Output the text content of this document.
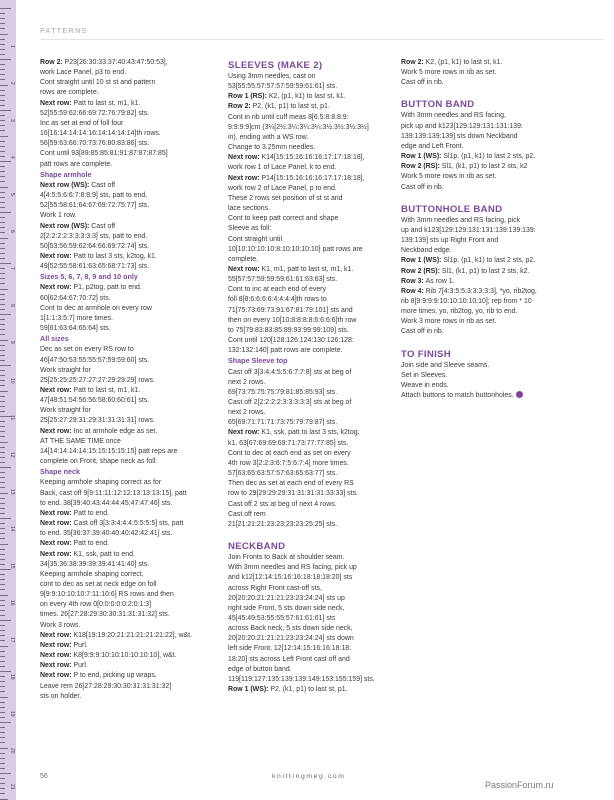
1
2
3
4
5
6
7
8
9
10
11
12
13
14
15
16
17
18
19
20
21
PATTERNS
Row 2: P23[26:30:33:37:40:43:47:50:53],
work Lace Panel, p3 to end.
Cont straight until 10 st st and pattern
rows are complete.
Next row: Patt to last st, m1, k1.
52[55:59:62:66:69:72:76:79:82] sts.
Inc as set at end of foll four
16[16:14:14:14:16:14:14:14:14]th rows.
56[59:63:66:70:73:76:80:83:86] sts.
Cont until 93[89:85:85:81:91:87:87:87:85]
patt rows are complete.
Shape armhole
Next row (WS): Cast off
4[4:5:5:6:6:7:8:8:9] sts, patt to end.
52[55:58:61:64:67:69:72:75:77] sts.
Work 1 row.
Next row (WS): Cast off
2[2:2:2:2:3:3:3:3:3] sts, patt to end.
50[53:56:59:62:64:66:69:72:74] sts.
Next row: Patt to last 3 sts, k2tog, k1.
49[52:55:58:61:63:65:68:71:73] sts.
Sizes 5, 6, 7, 8, 9 and 10 only
Next row: P1, p2tog, patt to end.
60[62:64:67:70:72] sts.
Cont to dec at armhole on every row
1[1:1:3:5:7] more times.
59[61:63:64:65:64] sts.
All sizes
Dec as set on every RS row to
46[47:50:53:55:55:57:59:59:60] sts.
Work straight for
25[25:25:25:27:27:27:29:29:29] rows.
Next row: Patt to last st, m1, k1.
47[48:51:54:56:56:58:60:60:61] sts.
Work straight for
25[25:27:29:31:29:31:31:31:31] rows.
Next row: Inc at armhole edge as set.
AT THE SAME TIME once
14[14:14:14:14:15:15:15:15:15] patt reps are
complete on Front, shape neck as foll:
Shape neck
Keeping armhole shaping correct as for
Back, cast off 9[9:11:11:12:12:13:13:13:15], patt
to end. 38[39:40:43:44:44:45:47:47:46] sts.
Next row: Patt to end.
Next row: Cast off 3[3:3:4:4:4:5:5:5:5] sts, patt
to end. 35[36:37:39:40:40:40:42:42:41] sts.
Next row: Patt to end.
Next row: K1, ssk, patt to end.
34[35:36:38:39:39:39:41:41:40] sts.
Keeping armhole shaping correct,
cont to dec as set at neck edge on foll
9[9:9:10:10:10:7:11:10:6] RS rows and then
on every 4th row 0[0:0:0:0:0:2:0:1:3]
times. 26[27:28:29:30:30:31:31:31:32] sts.
Work 3 rows.
Next row: K18[19:19:20:21:21:21:21:21:22], w&t.
Next row: Purl.
Next row: K8[9:9:9:10:10:10:10:10:10], w&t.
Next row: Purl.
Next row: P to end, picking up wraps.
Leave rem 26[27:28:29:30:30:31:31:31:32]
sts on holder.
SLEEVES (MAKE 2)
Using 3mm needles, cast on
53[55:55:57:57:57:59:59:61:61] sts.
Row 1 (RS): K2, (p1, k1) to last st, k1.
Row 2: P2, (k1, p1) to last st, p1.
Cont in rib until cuff meas 8[6.5:8:8:8:9:
9:9:9:9]cm (3¼[2½:3¼:3¼:3¼:3½:3½:3½:3½]
in), ending with a WS row.
Change to 3.25mm needles.
Next row: K14[15:15:16:16:16:17:17:18:18],
work row 1 of Lace Panel, k to end.
Next row: P14[15:15:16:16:16:17:17:18:18],
work row 2 of Lace Panel, p to end.
These 2 rows set position of st st and
lace sections.
Cont to keep patt correct and shape
Sleeve as foll:
Cont straight until
10[10:10:10:10:8:10:10:10:10] patt rows are
complete.
Next row: K1, m1, patt to last st, m1, k1.
55[57:57:59:59:59:61:61:63:63] sts.
Cont to inc at each end of every
foll 8[8:6:6:6:6:4:4:4:4]th rows to
71[75:73:69:73:91:67:81:79:101] sts and
then on every 10[10:8:8:8:8:6:6:6:6]th row
to 75[79:83:83:85:89:93:99:99:109] sts.
Cont until 120[128:126:124:130:126:128:
132:132:140] patt rows are complete.
Shape Sleeve top
Cast off 3[3:4:4:5:5:6:7:7:8] sts at beg of
next 2 rows.
69[73:75:75:75:79:81:85:85:93] sts.
Cast off 2[2:2:2:2:3:3:3:3:3] sts at beg of
next 2 rows.
65[69:71:71:71:73:75:79:79:87] sts.
Next row: K1, ssk, patt to last 3 sts, k2tog,
k1. 63[67:69:69:69:71:73:77:77:85] sts.
Cont to dec at each end as set on every
4th row 3[2:2:3:6:7:5:6:7:4] more times.
57[63:65:63:57:57:63:65:63:77] sts.
Then dec as set at each end of every RS
row to 29[29:29:29:31:31:31:31:33:33] sts.
Cast off 2 sts at beg of next 4 rows.
Cast off rem
21[21:21:21:23:23:23:23:25:25] sts.
NECKBAND
Join Fronts to Back at shoulder seam.
With 3mm needles and RS facing, pick up
and k12[12:14:15:16:16:18:18:18:20] sts
across Right Front cast-off sts,
20[20:20:21:21:21:23:23:24:24] sts up
right side Front, 5 sts down side neck,
45[45:49:53:55:55:57:61:61:61] sts
across Back neck, 5 sts down side neck,
20[20:20:21:21:21:23:23:24:24] sts down
left side Front, 12[12:14:15:16:16:18:18:
18:20] sts across Left Front cast off and
edge of button band.
119[119:127:135:139:139:149:153:155:159] sts.
Row 1 (WS): P2, (k1, p1) to last st, p1.
Row 2: K2, (p1, k1) to last st, k1.
Work 5 more rows in rib as set.
Cast off in rib.
BUTTON BAND
With 3mm needles and RS facing,
pick up and k123[129:129:131:131:139:
139:139:139:139] sts down Neckband
edge and Left Front.
Row 1 (WS): Sl1p, (p1, k1) to last 2 sts, p2.
Row 2 (RS): Sl1, (k1, p1) to last 2 sts, k2
Work 5 more rows in rib as set.
Cast off in rib.
BUTTONHOLE BAND
With 3mm needles and RS facing, pick
up and k123[129:129:131:131:139:139:139:
139:139] sts up Right Front and
Neckband edge.
Row 1 (WS): Sl1p, (p1, k1) to last 2 sts, p2.
Row 2 (RS): Sl1, (k1, p1) to last 2 sts, k2.
Row 3: As row 1.
Row 4: Rib 7[4:3:5:5:3:3:3:3:3], *yo, rib2tog,
rib 8[9:9:9:9:10:10:10:10:10]; rep from * 10
more times, yo, rib2tog, yo, rib to end.
Work 3 more rows in rib as set.
Cast off in rib.
TO FINISH
Join side and Sleeve seams.
Set in Sleeves.
Weave in ends.
Attach buttons to match buttonholes.
56	knittingmeg.com
PassionForum.ru
